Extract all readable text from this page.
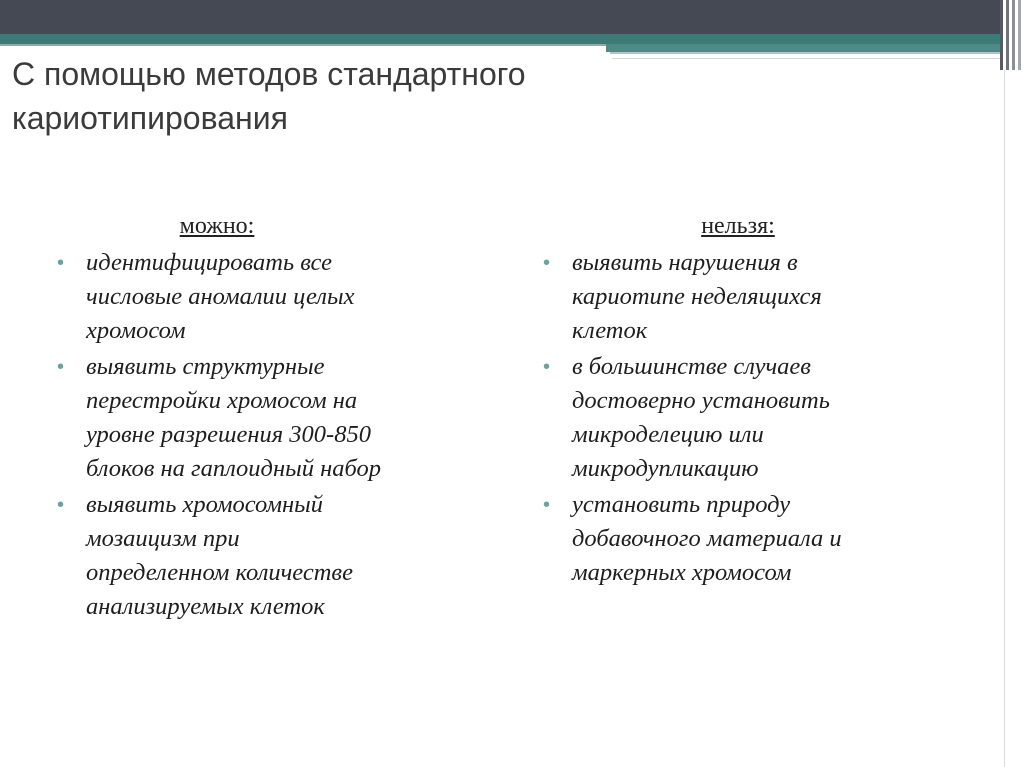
С помощью методов стандартного
кариотипирования
можно:
• идентифицировать все
числовые аномалии целых
хромосом
• выявить структурные
перестройки хромосом на
уровне разрешения 300-850
блоков на гаплоидный набор
• выявить хромосомный
мозаицизм при
определенном количестве
анализируемых клеток
нельзя:
• выявить нарушения в
кариотипе неделящихся
клеток
• в большинстве случаев
достоверно установить
микроделецию или
микродупликацию
• установить природу
добавочного материала и
маркерных хромосом
